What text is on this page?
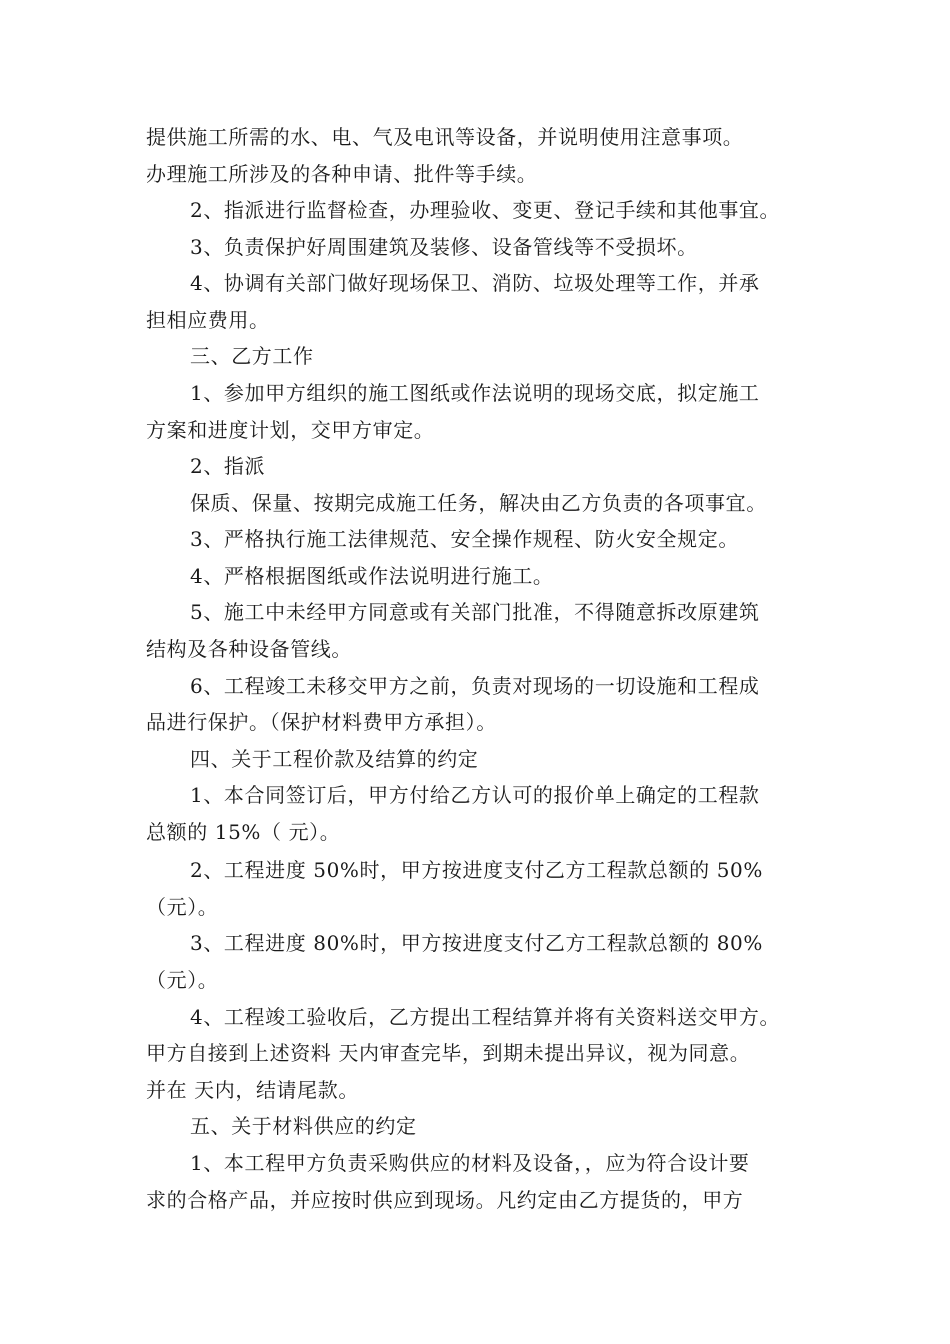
提供施工所需的水、电、气及电讯等设备，并说明使用注意事项。
办理施工所涉及的各种申请、批件等手续。
2、指派进行监督检查，办理验收、变更、登记手续和其他事宜。
3、负责保护好周围建筑及装修、设备管线等不受损坏。
4、协调有关部门做好现场保卫、消防、垃圾处理等工作，并承
担相应费用。
三、乙方工作
1、参加甲方组织的施工图纸或作法说明的现场交底，拟定施工
方案和进度计划，交甲方审定。
2、指派
保质、保量、按期完成施工任务，解决由乙方负责的各项事宜。
3、严格执行施工法律规范、安全操作规程、防火安全规定。
4、严格根据图纸或作法说明进行施工。
5、施工中未经甲方同意或有关部门批准，不得随意拆改原建筑
结构及各种设备管线。
6、工程竣工未移交甲方之前，负责对现场的一切设施和工程成
品进行保护。（保护材料费甲方承担）。
四、关于工程价款及结算的约定
1、本合同签订后，甲方付给乙方认可的报价单上确定的工程款
总额的 15%（ 元）。
2、工程进度 50%时，甲方按进度支付乙方工程款总额的 50%
（元）。
3、工程进度 80%时，甲方按进度支付乙方工程款总额的 80%
（元）。
4、工程竣工验收后，乙方提出工程结算并将有关资料送交甲方。
甲方自接到上述资料 天内审查完毕，到期未提出异议，视为同意。
并在 天内，结请尾款。
五、关于材料供应的约定
1、本工程甲方负责采购供应的材料及设备，，应为符合设计要
求的合格产品，并应按时供应到现场。凡约定由乙方提货的，甲方
